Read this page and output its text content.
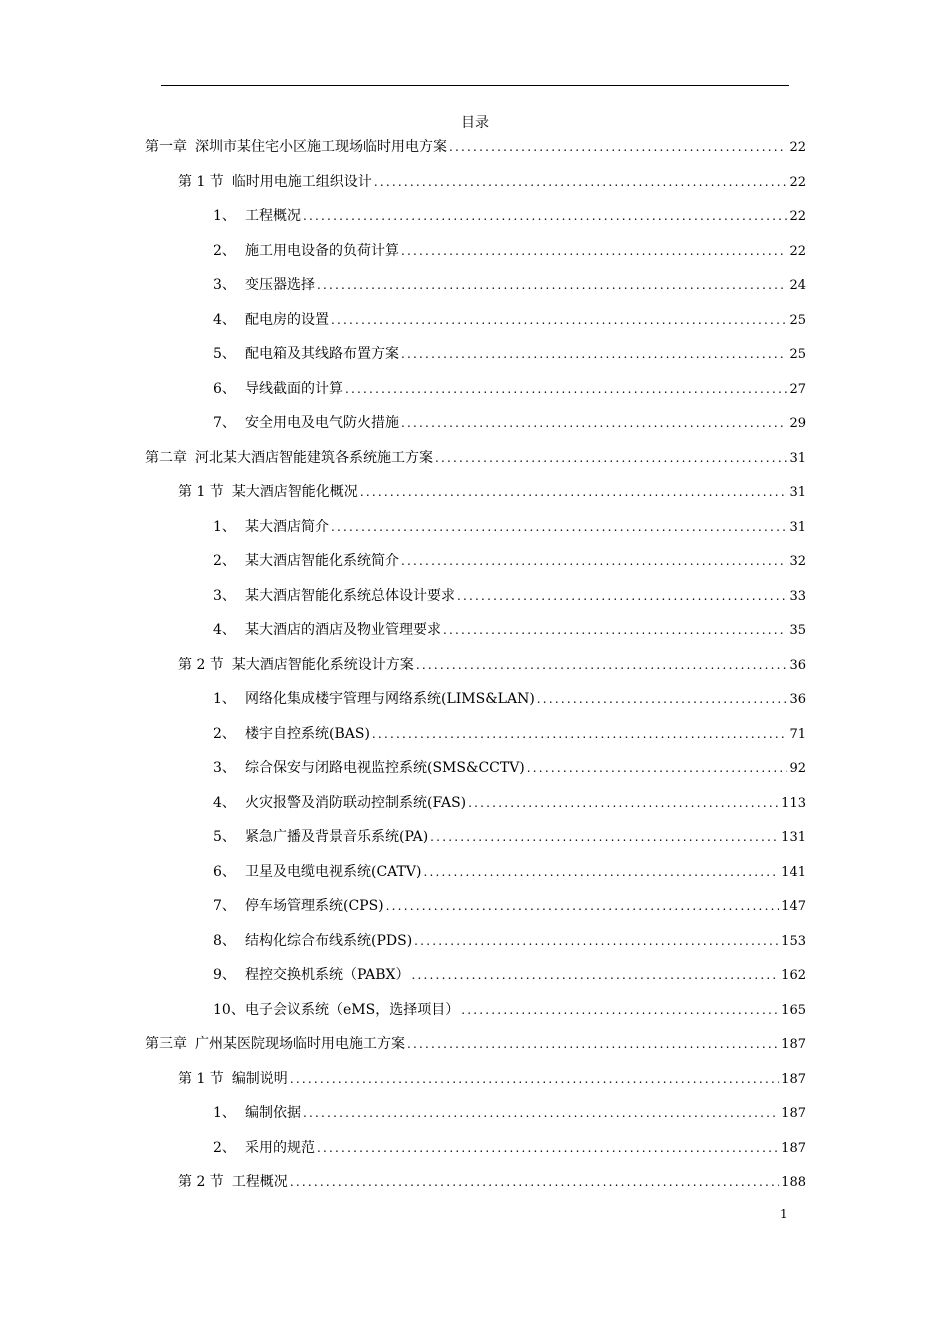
目录
第一章 深圳市某住宅小区施工现场临时用电方案 .....	22
第 1 节 临时用电施工组织设计 .....	22
1、 工程概况 .....	22
2、 施工用电设备的负荷计算 .....	22
3、 变压器选择 .....	24
4、 配电房的设置 .....	25
5、 配电箱及其线路布置方案 .....	25
6、 导线截面的计算 .....	27
7、 安全用电及电气防火措施 .....	29
第二章 河北某大酒店智能建筑各系统施工方案 .....	31
第 1 节 某大酒店智能化概况 .....	31
1、 某大酒店简介 .....	31
2、 某大酒店智能化系统简介 .....	32
3、 某大酒店智能化系统总体设计要求 .....	33
4、 某大酒店的酒店及物业管理要求 .....	35
第 2 节 某大酒店智能化系统设计方案 .....	36
1、 网络化集成楼宇管理与网络系统(LIMS&LAN) .....	36
2、 楼宇自控系统(BAS) .....	71
3、 综合保安与闭路电视监控系统(SMS&CCTV) .....	92
4、 火灾报警及消防联动控制系统(FAS) .....	113
5、 紧急广播及背景音乐系统(PA) .....	131
6、 卫星及电缆电视系统(CATV) .....	141
7、 停车场管理系统(CPS) .....	147
8、 结构化综合布线系统(PDS) .....	153
9、 程控交换机系统（PABX） .....	162
10、 电子会议系统（eMS，选择项目） .....	165
第三章 广州某医院现场临时用电施工方案 .....	187
第 1 节 编制说明 .....	187
1、 编制依据 .....	187
2、 采用的规范 .....	187
第 2 节 工程概况 .....	188
1
